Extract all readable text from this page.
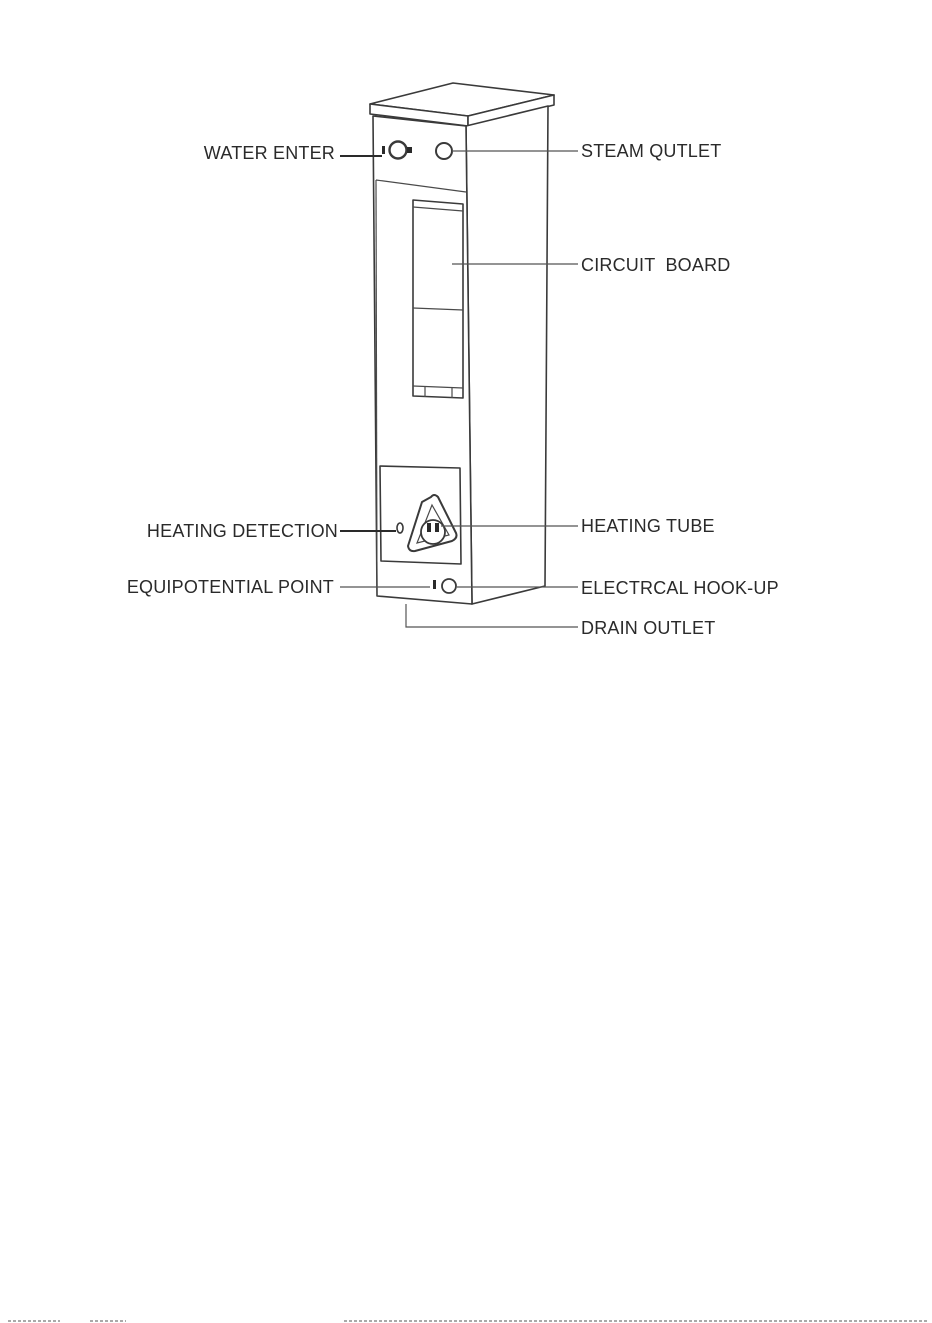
WATER ENTER	STEAM QUTLET
CIRCUIT  BOARD
HEATING DETECTION	HEATING TUBE
EQUIPOTENTIAL POINT	ELECTRCAL HOOK-UP
DRAIN OUTLET
